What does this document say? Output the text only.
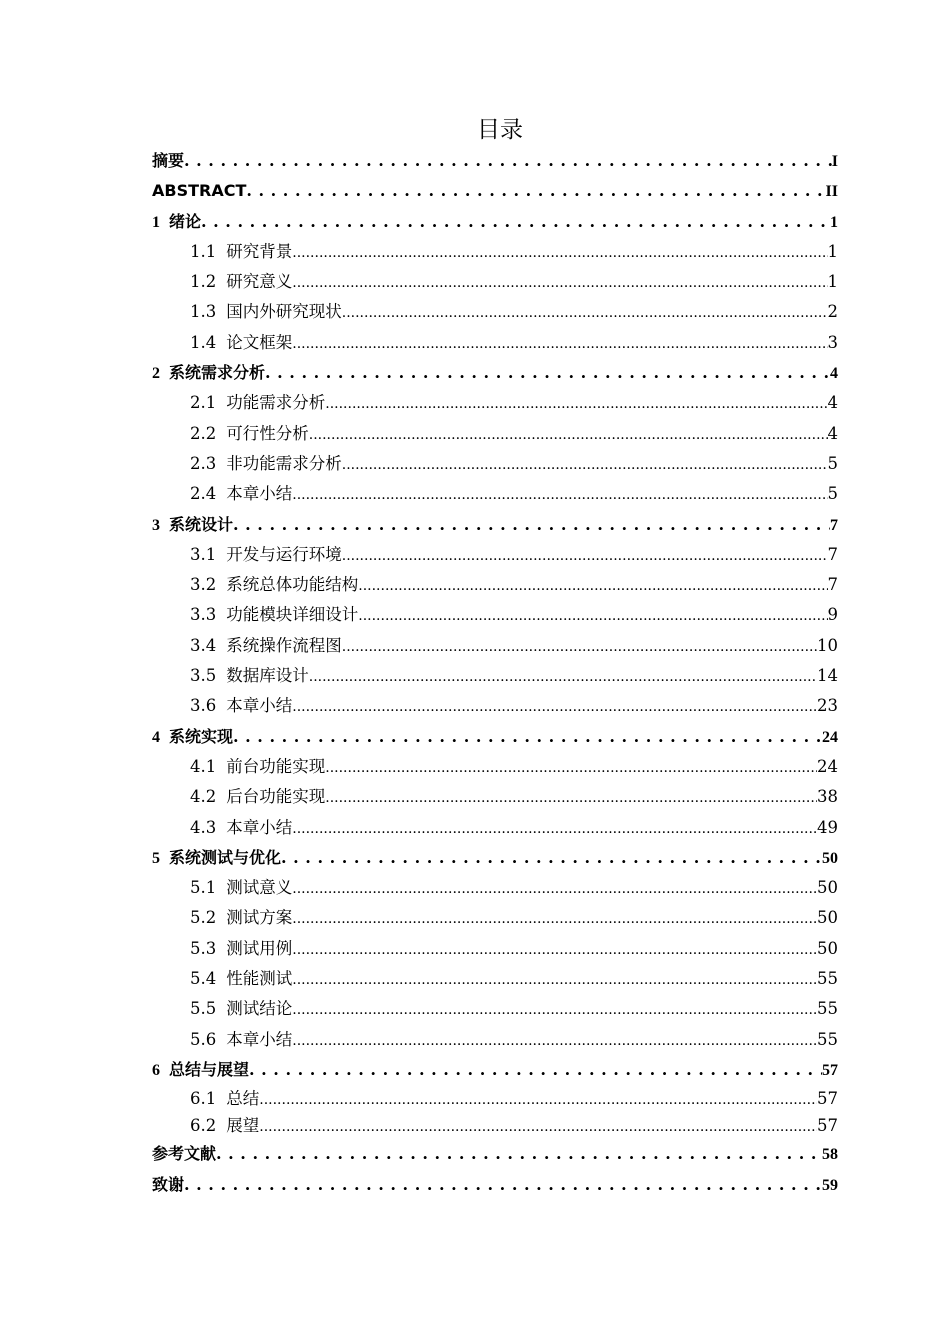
目录
摘要 . . .	I
ABSTRACT . . .	II
1 绪论 . . .	1
1.1 研究背景 .....	1
1.2 研究意义 .....	1
1.3 国内外研究现状 .....	2
1.4 论文框架 .....	3
2 系统需求分析 . . .	4
2.1 功能需求分析 .....	4
2.2 可行性分析 .....	4
2.3 非功能需求分析 .....	5
2.4 本章小结 .....	5
3 系统设计 . . .	7
3.1 开发与运行环境 .....	7
3.2 系统总体功能结构 .....	7
3.3 功能模块详细设计 .....	9
3.4 系统操作流程图 .....	10
3.5 数据库设计 .....	14
3.6 本章小结 .....	23
4 系统实现 . . .	24
4.1 前台功能实现 .....	24
4.2 后台功能实现 .....	38
4.3 本章小结 .....	49
5 系统测试与优化 . . .	50
5.1 测试意义 .....	50
5.2 测试方案 .....	50
5.3 测试用例 .....	50
5.4 性能测试 .....	55
5.5 测试结论 .....	55
5.6 本章小结 .....	55
6 总结与展望 . . .	57
6.1 总结 .....	57
6.2 展望 .....	57
参考文献 . . .	58
致谢 . . .	59
